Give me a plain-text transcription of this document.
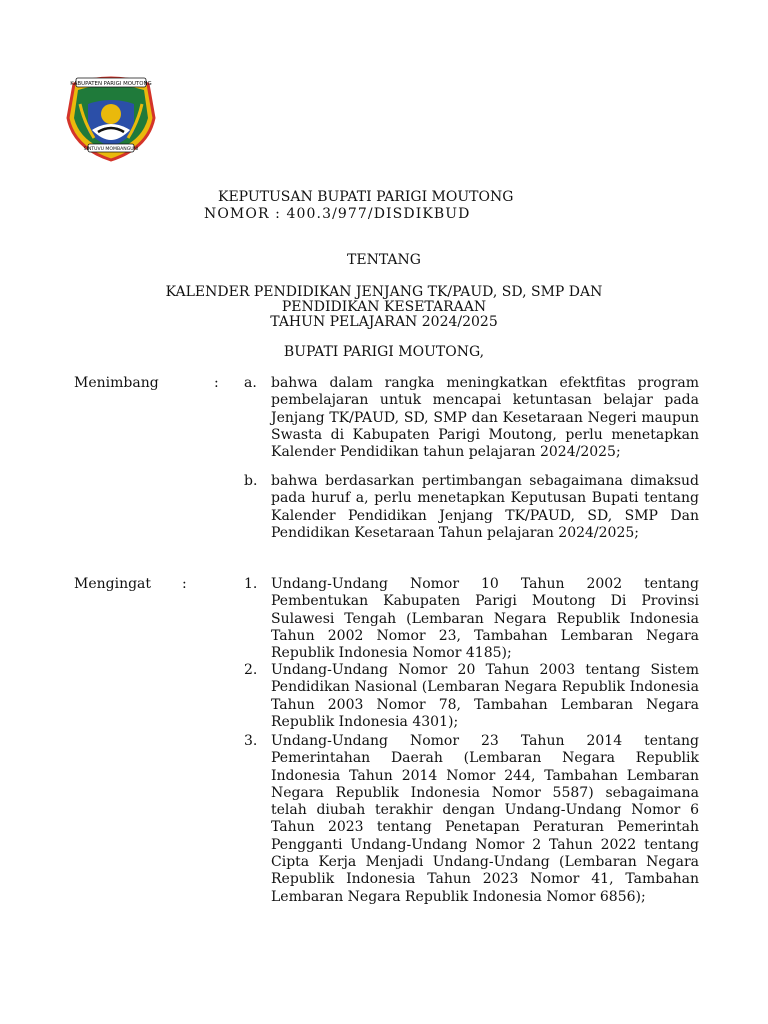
KABUPATEN PARIGI MOUTONG
SINTUVU MOMBANGUNI
KEPUTUSAN BUPATI PARIGI MOUTONG
NOMOR : 400.3/977/DISDIKBUD
TENTANG
KALENDER PENDIDIKAN JENJANG TK/PAUD, SD, SMP DAN
PENDIDIKAN KESETARAAN
TAHUN PELAJARAN 2024/2025
BUPATI PARIGI MOUTONG,
Menimbang	: a. bahwa dalam rangka meningkatkan efektfitas program pembelajaran untuk mencapai ketuntasan belajar pada Jenjang TK/PAUD, SD, SMP dan Kesetaraan Negeri maupun Swasta di Kabupaten Parigi Moutong, perlu menetapkan Kalender Pendidikan tahun pelajaran 2024/2025;
b. bahwa berdasarkan pertimbangan sebagaimana dimaksud pada huruf a, perlu menetapkan Keputusan Bupati tentang Kalender Pendidikan Jenjang TK/PAUD, SD, SMP Dan Pendidikan Kesetaraan Tahun pelajaran 2024/2025;
Mengingat :	1. Undang-Undang Nomor 10 Tahun 2002 tentang Pembentukan Kabupaten Parigi Moutong Di Provinsi Sulawesi Tengah (Lembaran Negara Republik Indonesia Tahun 2002 Nomor 23, Tambahan Lembaran Negara Republik Indonesia Nomor 4185);
2. Undang-Undang Nomor 20 Tahun 2003 tentang Sistem Pendidikan Nasional (Lembaran Negara Republik Indonesia Tahun 2003 Nomor 78, Tambahan Lembaran Negara Republik Indonesia 4301);
3. Undang-Undang Nomor 23 Tahun 2014 tentang Pemerintahan Daerah (Lembaran Negara Republik Indonesia Tahun 2014 Nomor 244, Tambahan Lembaran Negara Republik Indonesia Nomor 5587) sebagaimana telah diubah terakhir dengan Undang-Undang Nomor 6 Tahun 2023 tentang Penetapan Peraturan Pemerintah Pengganti Undang-Undang Nomor 2 Tahun 2022 tentang Cipta Kerja Menjadi Undang-Undang (Lembaran Negara Republik Indonesia Tahun 2023 Nomor 41, Tambahan Lembaran Negara Republik Indonesia Nomor 6856);
